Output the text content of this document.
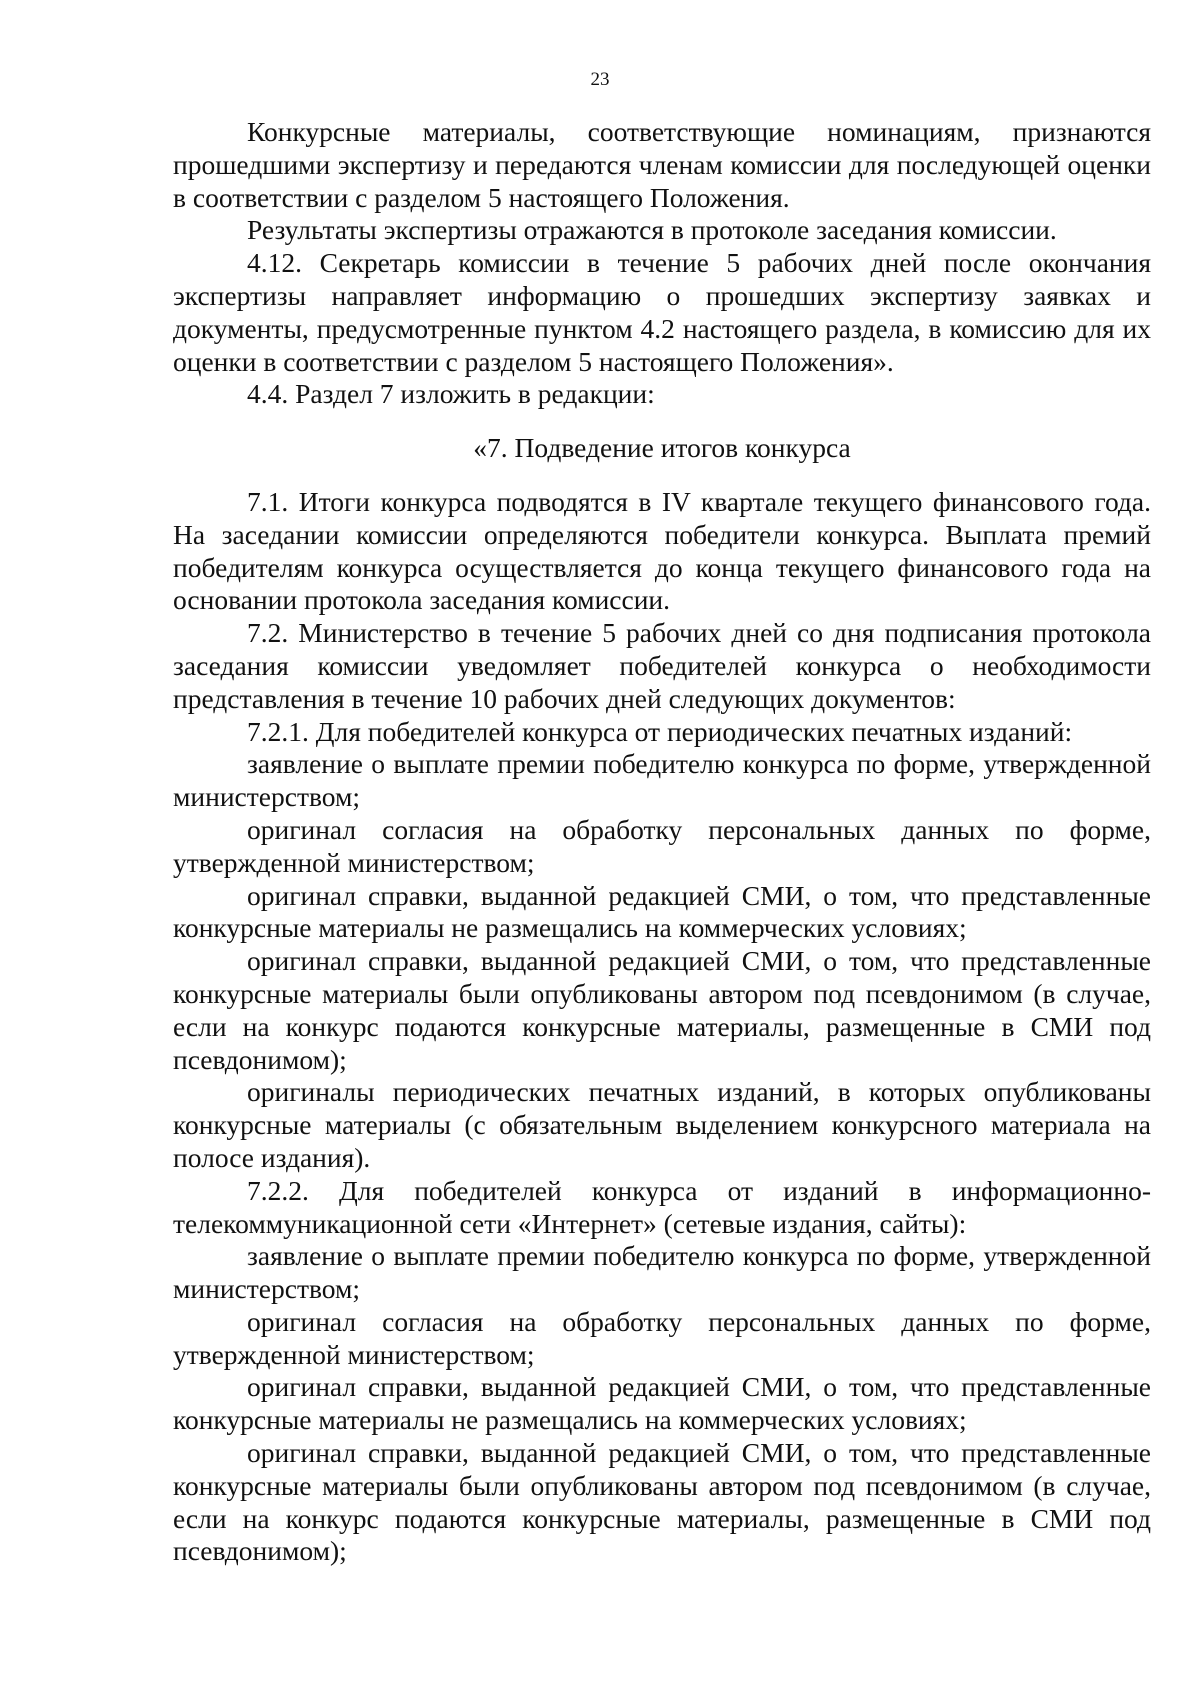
23

Конкурсные материалы, соответствующие номинациям, признаются прошедшими экспертизу и передаются членам комиссии для последующей оценки в соответствии с разделом 5 настоящего Положения.

Результаты экспертизы отражаются в протоколе заседания комиссии.

4.12. Секретарь комиссии в течение 5 рабочих дней после окончания экспертизы направляет информацию о прошедших экспертизу заявках и документы, предусмотренные пунктом 4.2 настоящего раздела, в комиссию для их оценки в соответствии с разделом 5 настоящего Положения».

4.4. Раздел 7 изложить в редакции:

«7. Подведение итогов конкурса

7.1. Итоги конкурса подводятся в IV квартале текущего финансового года. На заседании комиссии определяются победители конкурса. Выплата премий победителям конкурса осуществляется до конца текущего финансового года на основании протокола заседания комиссии.

7.2. Министерство в течение 5 рабочих дней со дня подписания протокола заседания комиссии уведомляет победителей конкурса о необходимости представления в течение 10 рабочих дней следующих документов:

7.2.1. Для победителей конкурса от периодических печатных изданий:

заявление о выплате премии победителю конкурса по форме, утвержденной министерством;

оригинал согласия на обработку персональных данных по форме, утвержденной министерством;

оригинал справки, выданной редакцией СМИ, о том, что представленные конкурсные материалы не размещались на коммерческих условиях;

оригинал справки, выданной редакцией СМИ, о том, что представленные конкурсные материалы были опубликованы автором под псевдонимом (в случае, если на конкурс подаются конкурсные материалы, размещенные в СМИ под псевдонимом);

оригиналы периодических печатных изданий, в которых опубликованы конкурсные материалы (с обязательным выделением конкурсного материала на полосе издания).

7.2.2. Для победителей конкурса от изданий в информационно-телекоммуникационной сети «Интернет» (сетевые издания, сайты):

заявление о выплате премии победителю конкурса по форме, утвержденной министерством;

оригинал согласия на обработку персональных данных по форме, утвержденной министерством;

оригинал справки, выданной редакцией СМИ, о том, что представленные конкурсные материалы не размещались на коммерческих условиях;

оригинал справки, выданной редакцией СМИ, о том, что представленные конкурсные материалы были опубликованы автором под псевдонимом (в случае, если на конкурс подаются конкурсные материалы, размещенные в СМИ под псевдонимом);
